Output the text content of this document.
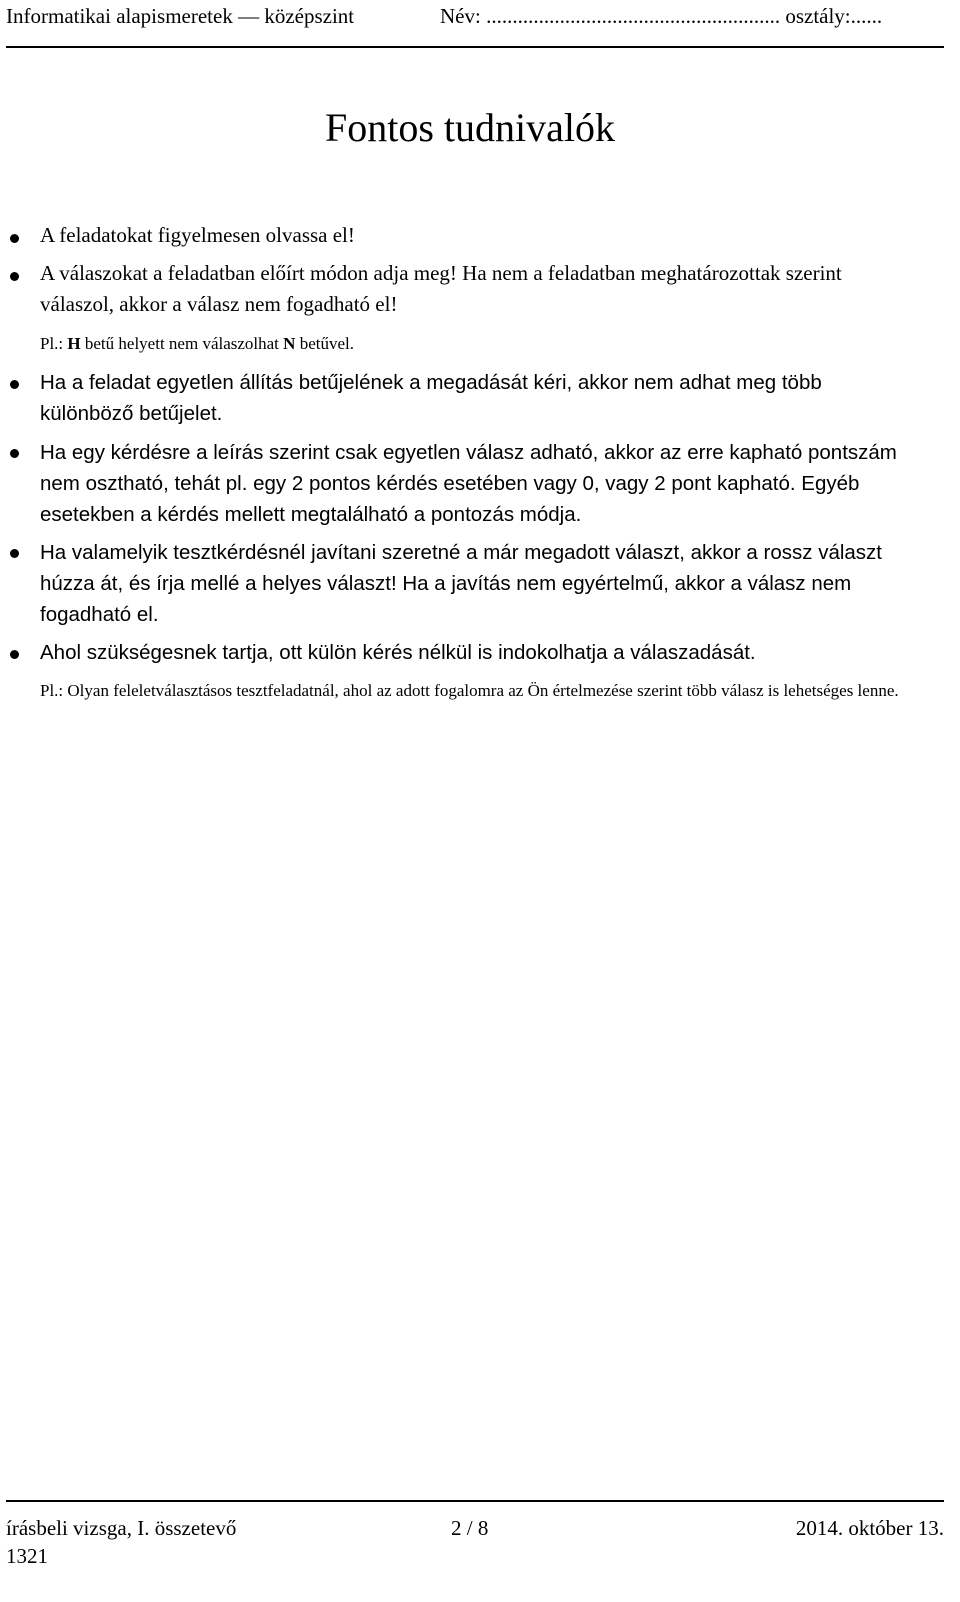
Informatikai alapismeretek — középszint	Név: ........................................................ osztály:......
Fontos tudnivalók
A feladatokat figyelmesen olvassa el!
A válaszokat a feladatban előírt módon adja meg! Ha nem a feladatban meghatározottak szerint válaszol, akkor a válasz nem fogadható el!
Pl.: H betű helyett nem válaszolhat N betűvel.
Ha a feladat egyetlen állítás betűjelének a megadását kéri, akkor nem adhat meg több különböző betűjelet.
Ha egy kérdésre a leírás szerint csak egyetlen válasz adható, akkor az erre kapható pontszám nem osztható, tehát pl. egy 2 pontos kérdés esetében vagy 0, vagy 2 pont kapható. Egyéb esetekben a kérdés mellett megtalálható a pontozás módja.
Ha valamelyik tesztkérdésnél javítani szeretné a már megadott választ, akkor a rossz választ húzza át, és írja mellé a helyes választ! Ha a javítás nem egyértelmű, akkor a válasz nem fogadható el.
Ahol szükségesnek tartja, ott külön kérés nélkül is indokolhatja a válaszadását.
Pl.: Olyan feleletválasztásos tesztfeladatnál, ahol az adott fogalomra az Ön értelmezése szerint több válasz is lehetséges lenne.
írásbeli vizsga, I. összetevő	2 / 8	2014. október 13.
1321
